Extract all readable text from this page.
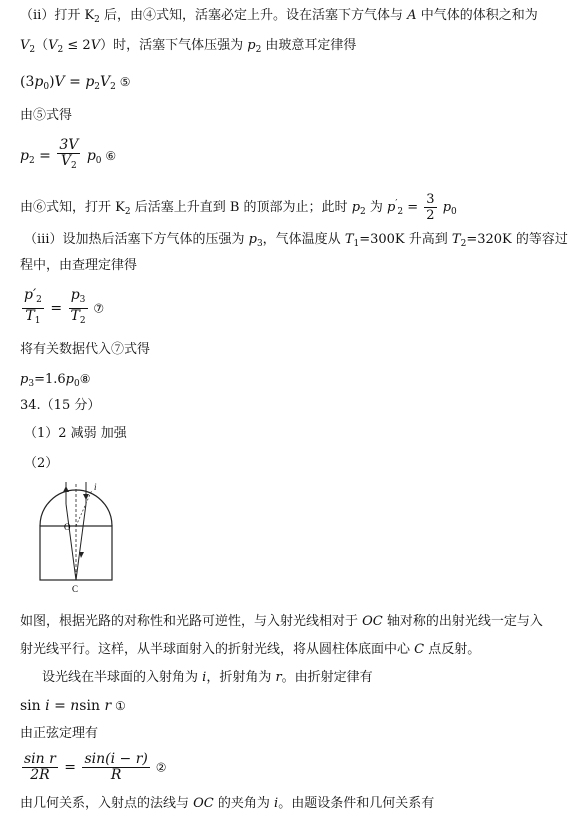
（ⅱ）打开 $K_2$ 后，由④式知，活塞必定上升。设在活塞下方气体与 A 中气体的体积之和为
$V_2(V_2 \le 2V)$时，活塞下气体压强为 $p_2$ 由玻意耳定律得
$(3p_0)V = p_2V_2$ ⑤
由⑤式得
$p_2 = \frac{3V}{V_2} p_0$ ⑥
由⑥式知，打开 $K_2$ 后活塞上升直到 B 的顶部为止；此时 $p_2$ 为 $p'_2 = \frac{3}{2} p_0$
（ⅲ）设加热后活塞下方气体的压强为 $p_3$，气体温度从 $T_1=300K$ 升高到 $T_2=320K$ 的等容过
程中，由查理定律得
$\frac{p'_2}{T_1} = \frac{p_3}{T_2}$ ⑦
将有关数据代入⑦式得
$p_3=1.6p_0⑧$
34.（15 分）
（1）2 减弱 加强
（2）
i
O
C
如图，根据光路的对称性和光路可逆性，与入射光线相对于 OC 轴对称的出射光线一定与入
射光线平行。这样，从半球面射入的折射光线，将从圆柱体底面中心 C 点反射。
设光线在半球面的入射角为 i，折射角为 r。由折射定律有
sin i = nsin r ①
由正弦定理有
$\frac{\text{sin r}}{2R} = \frac{\sin(i - r)}{R}$ ②
由几何关系，入射点的法线与 OC 的夹角为 i。由题设条件和几何关系有
